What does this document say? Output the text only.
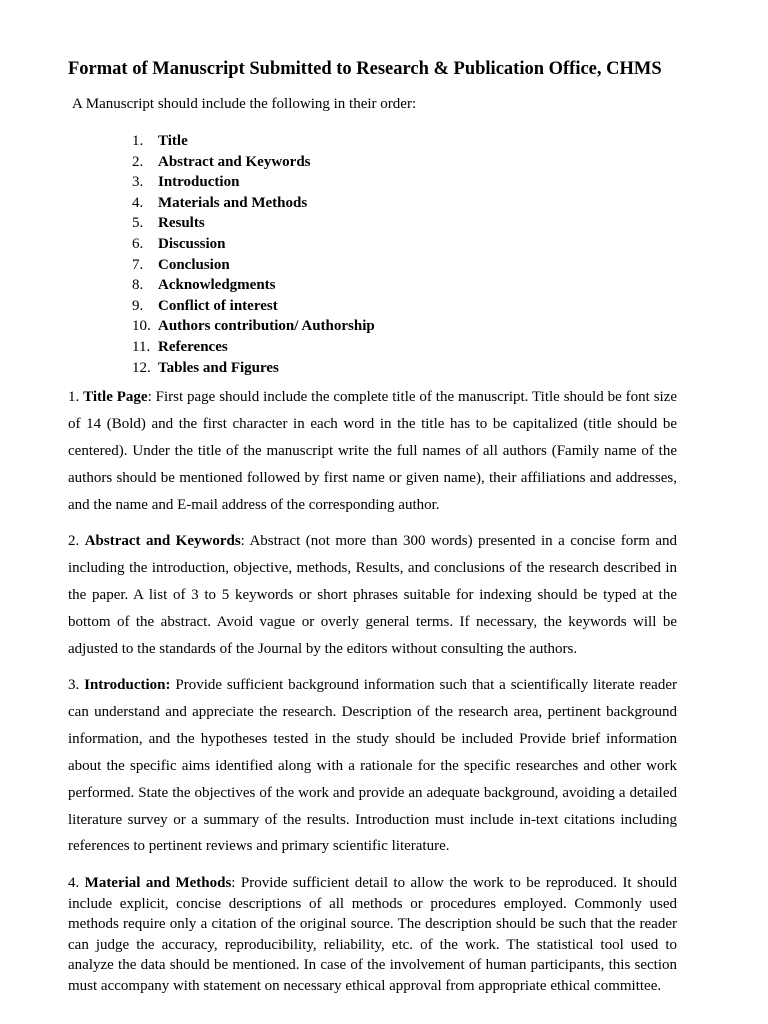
Format of Manuscript Submitted to Research & Publication Office, CHMS

A Manuscript should include the following in their order:

1. Title
2. Abstract and Keywords
3. Introduction
4. Materials and Methods
5. Results
6. Discussion
7. Conclusion
8. Acknowledgments
9. Conflict of interest
10. Authors contribution/ Authorship
11. References
12. Tables and Figures

1. Title Page: First page should include the complete title of the manuscript. Title should be font size of 14 (Bold) and the first character in each word in the title has to be capitalized (title should be centered). Under the title of the manuscript write the full names of all authors (Family name of the authors should be mentioned followed by first name or given name), their affiliations and addresses, and the name and E-mail address of the corresponding author.

2. Abstract and Keywords: Abstract (not more than 300 words) presented in a concise form and including the introduction, objective, methods, Results, and conclusions of the research described in the paper. A list of 3 to 5 keywords or short phrases suitable for indexing should be typed at the bottom of the abstract. Avoid vague or overly general terms. If necessary, the keywords will be adjusted to the standards of the Journal by the editors without consulting the authors.

3. Introduction: Provide sufficient background information such that a scientifically literate reader can understand and appreciate the research. Description of the research area, pertinent background information, and the hypotheses tested in the study should be included Provide brief information about the specific aims identified along with a rationale for the specific researches and other work performed. State the objectives of the work and provide an adequate background, avoiding a detailed literature survey or a summary of the results. Introduction must include in-text citations including references to pertinent reviews and primary scientific literature.

4. Material and Methods: Provide sufficient detail to allow the work to be reproduced. It should include explicit, concise descriptions of all methods or procedures employed. Commonly used methods require only a citation of the original source. The description should be such that the reader can judge the accuracy, reproducibility, reliability, etc. of the work. The statistical tool used to analyze the data should be mentioned. In case of the involvement of human participants, this section must accompany with statement on necessary ethical approval from appropriate ethical committee.
